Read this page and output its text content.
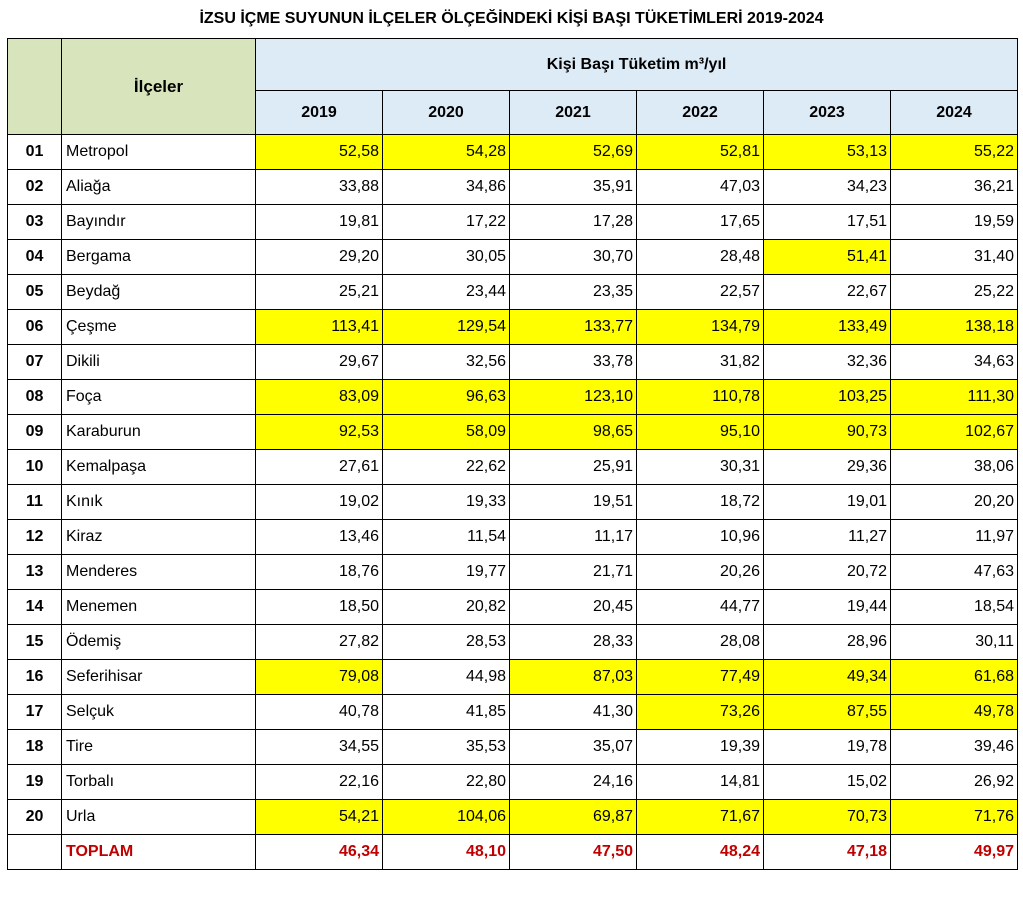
İZSU İÇME SUYUNUN İLÇELER ÖLÇEĞİNDEKİ KİŞİ BAŞI TÜKETİMLERİ 2019-2024
	İlçeler	Kişi Başı Tüketim m³/yıl					
		2019	2020	2021	2022	2023	2024
01	Metropol	52,58	54,28	52,69	52,81	53,13	55,22
02	Aliağa	33,88	34,86	35,91	47,03	34,23	36,21
03	Bayındır	19,81	17,22	17,28	17,65	17,51	19,59
04	Bergama	29,20	30,05	30,70	28,48	51,41	31,40
05	Beydağ	25,21	23,44	23,35	22,57	22,67	25,22
06	Çeşme	113,41	129,54	133,77	134,79	133,49	138,18
07	Dikili	29,67	32,56	33,78	31,82	32,36	34,63
08	Foça	83,09	96,63	123,10	110,78	103,25	111,30
09	Karaburun	92,53	58,09	98,65	95,10	90,73	102,67
10	Kemalpaşa	27,61	22,62	25,91	30,31	29,36	38,06
11	Kınık	19,02	19,33	19,51	18,72	19,01	20,20
12	Kiraz	13,46	11,54	11,17	10,96	11,27	11,97
13	Menderes	18,76	19,77	21,71	20,26	20,72	47,63
14	Menemen	18,50	20,82	20,45	44,77	19,44	18,54
15	Ödemiş	27,82	28,53	28,33	28,08	28,96	30,11
16	Seferihisar	79,08	44,98	87,03	77,49	49,34	61,68
17	Selçuk	40,78	41,85	41,30	73,26	87,55	49,78
18	Tire	34,55	35,53	35,07	19,39	19,78	39,46
19	Torbalı	22,16	22,80	24,16	14,81	15,02	26,92
20	Urla	54,21	104,06	69,87	71,67	70,73	71,76
	TOPLAM	46,34	48,10	47,50	48,24	47,18	49,97
